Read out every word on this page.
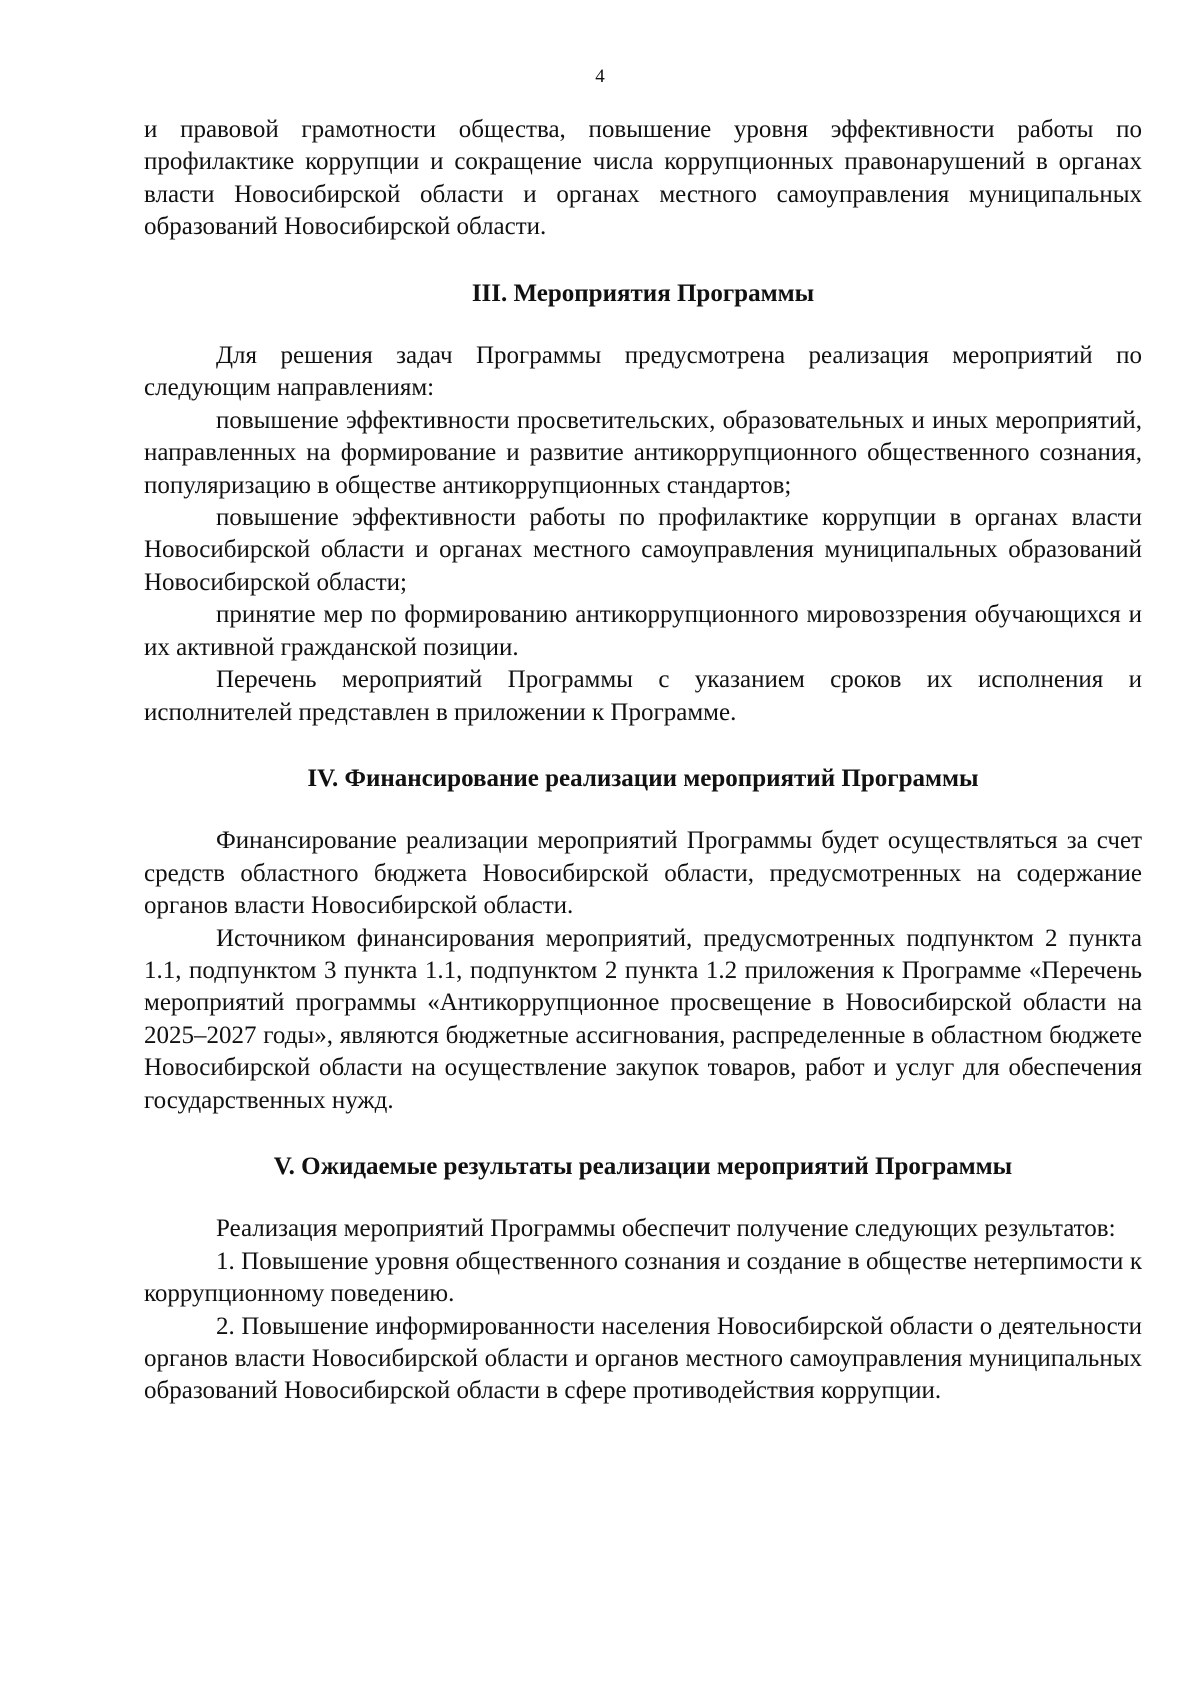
4

и правовой грамотности общества, повышение уровня эффективности работы по профилактике коррупции и сокращение числа коррупционных правонарушений в органах власти Новосибирской области и органах местного самоуправления муниципальных образований Новосибирской области.

III. Мероприятия Программы

Для решения задач Программы предусмотрена реализация мероприятий по следующим направлениям:

повышение эффективности просветительских, образовательных и иных мероприятий, направленных на формирование и развитие антикоррупционного общественного сознания, популяризацию в обществе антикоррупционных стандартов;

повышение эффективности работы по профилактике коррупции в органах власти Новосибирской области и органах местного самоуправления муниципальных образований Новосибирской области;

принятие мер по формированию антикоррупционного мировоззрения обучающихся и их активной гражданской позиции.

Перечень мероприятий Программы с указанием сроков их исполнения и исполнителей представлен в приложении к Программе.

IV. Финансирование реализации мероприятий Программы

Финансирование реализации мероприятий Программы будет осуществляться за счет средств областного бюджета Новосибирской области, предусмотренных на содержание органов власти Новосибирской области.

Источником финансирования мероприятий, предусмотренных подпунктом 2 пункта 1.1, подпунктом 3 пункта 1.1, подпунктом 2 пункта 1.2 приложения к Программе «Перечень мероприятий программы «Антикоррупционное просвещение в Новосибирской области на 2025–2027 годы», являются бюджетные ассигнования, распределенные в областном бюджете Новосибирской области на осуществление закупок товаров, работ и услуг для обеспечения государственных нужд.

V. Ожидаемые результаты реализации мероприятий Программы

Реализация мероприятий Программы обеспечит получение следующих результатов:

1. Повышение уровня общественного сознания и создание в обществе нетерпимости к коррупционному поведению.

2. Повышение информированности населения Новосибирской области о деятельности органов власти Новосибирской области и органов местного самоуправления муниципальных образований Новосибирской области в сфере противодействия коррупции.
